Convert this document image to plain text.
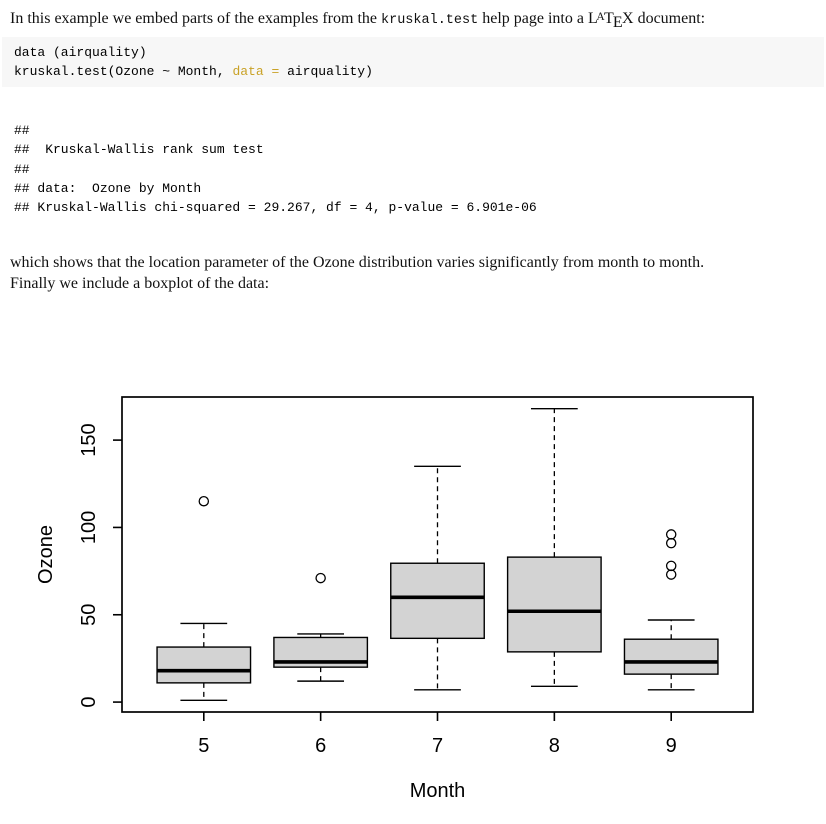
In this example we embed parts of the examples from the kruskal.test help page into a $L^ATEX$ document:

data (airquality)
kruskal.test(Ozone ~ Month, data = airquality)
##
##  Kruskal-Wallis rank sum test
##
## data:  Ozone by Month
## Kruskal-Wallis chi-squared = 29.267, df = 4, p-value = 6.901e-06

which shows that the location parameter of the Ozone distribution varies significantly from month to month.
Finally we include a boxplot of the data:

0
50
100
150
Ozone
5	6	7	8	9
Month
